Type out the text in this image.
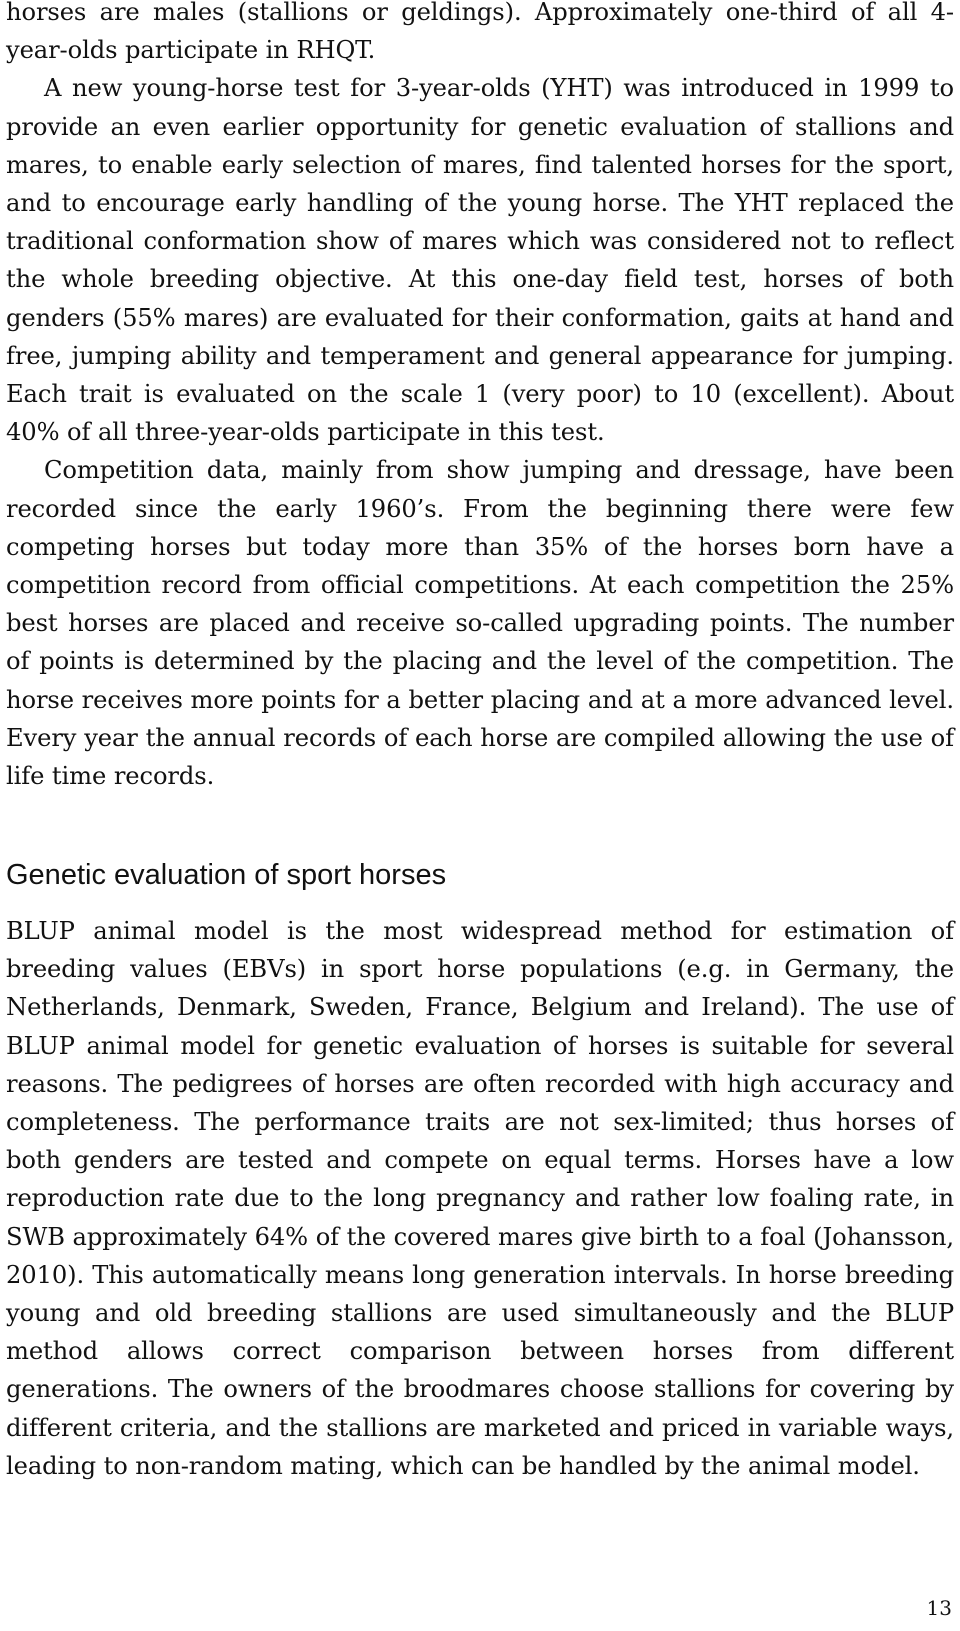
horses are males (stallions or geldings). Approximately one-third of all 4-year-olds participate in RHQT.

A new young-horse test for 3-year-olds (YHT) was introduced in 1999 to provide an even earlier opportunity for genetic evaluation of stallions and mares, to enable early selection of mares, find talented horses for the sport, and to encourage early handling of the young horse. The YHT replaced the traditional conformation show of mares which was considered not to reflect the whole breeding objective. At this one-day field test, horses of both genders (55% mares) are evaluated for their conformation, gaits at hand and free, jumping ability and temperament and general appearance for jumping. Each trait is evaluated on the scale 1 (very poor) to 10 (excellent). About 40% of all three-year-olds participate in this test.

Competition data, mainly from show jumping and dressage, have been recorded since the early 1960’s. From the beginning there were few competing horses but today more than 35% of the horses born have a competition record from official competitions. At each competition the 25% best horses are placed and receive so-called upgrading points. The number of points is determined by the placing and the level of the competition. The horse receives more points for a better placing and at a more advanced level. Every year the annual records of each horse are compiled allowing the use of life time records.

Genetic evaluation of sport horses

BLUP animal model is the most widespread method for estimation of breeding values (EBVs) in sport horse populations (e.g. in Germany, the Netherlands, Denmark, Sweden, France, Belgium and Ireland). The use of BLUP animal model for genetic evaluation of horses is suitable for several reasons. The pedigrees of horses are often recorded with high accuracy and completeness. The performance traits are not sex-limited; thus horses of both genders are tested and compete on equal terms. Horses have a low reproduction rate due to the long pregnancy and rather low foaling rate, in SWB approximately 64% of the covered mares give birth to a foal (Johansson, 2010). This automatically means long generation intervals. In horse breeding young and old breeding stallions are used simultaneously and the BLUP method allows correct comparison between horses from different generations. The owners of the broodmares choose stallions for covering by different criteria, and the stallions are marketed and priced in variable ways, leading to non-random mating, which can be handled by the animal model.

13
